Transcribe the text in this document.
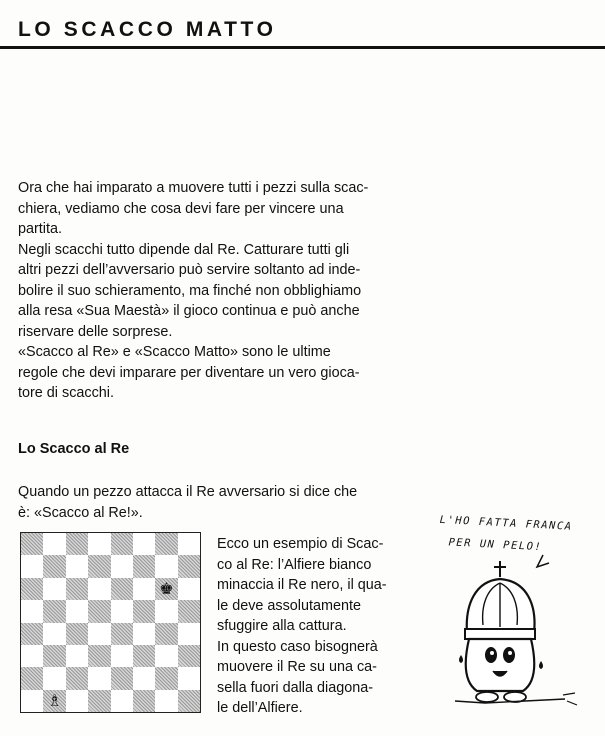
LO SCACCO MATTO

Ora che hai imparato a muovere tutti i pezzi sulla scac-

chiera, vediamo che cosa devi fare per vincere una

partita.

Negli scacchi tutto dipende dal Re. Catturare tutti gli

altri pezzi dell’avversario può servire soltanto ad inde-

bolire il suo schieramento, ma finché non obblighiamo

alla resa «Sua Maestà» il gioco continua e può anche

riservare delle sorprese.

«Scacco al Re» e «Scacco Matto» sono le ultime

regole che devi imparare per diventare un vero gioca-

tore di scacchi.

Lo Scacco al Re
Quando un pezzo attacca il Re avversario si dice che
è: «Scacco al Re!».
♚
♗

Ecco un esempio di Scac-

co al Re: l’Alfiere bianco

minaccia il Re nero, il qua-

le deve assolutamente

sfuggire alla cattura.

In questo caso bisognerà

muovere il Re su una ca-

sella fuori dalla diagona-

le dell’Alfiere.

L'HO FATTA FRANCA
PER UN PELO!
